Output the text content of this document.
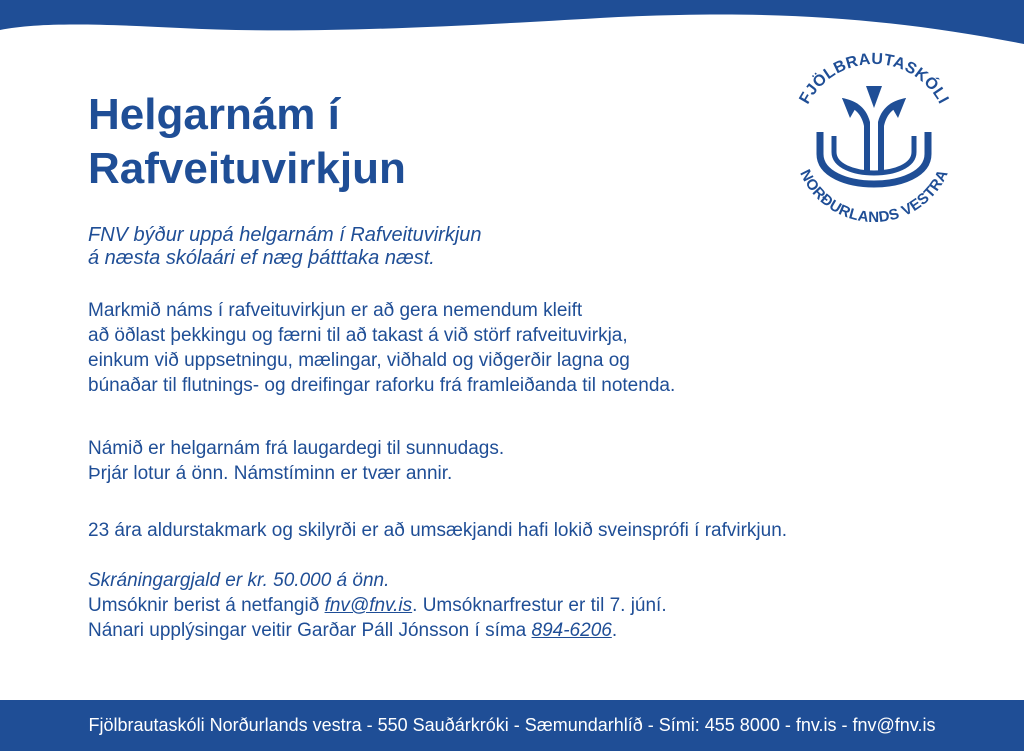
FJÖLBRAUTASKÓLI
NORÐURLANDS VESTRA
Helgarnám í
Rafveituvirkjun

FNV býður uppá helgarnám í Rafveituvirkjun
á næsta skólaári ef næg þátttaka næst.

Markmið náms í rafveituvirkjun er að gera nemendum kleift
að öðlast þekkingu og færni til að takast á við störf rafveituvirkja,
einkum við uppsetningu, mælingar, viðhald og viðgerðir lagna og
búnaðar til flutnings- og dreifingar raforku frá framleiðanda til notenda.

Námið er helgarnám frá laugardegi til sunnudags.
Þrjár lotur á önn. Námstíminn er tvær annir.

23 ára aldurstakmark og skilyrði er að umsækjandi hafi lokið sveinsprófi í rafvirkjun.

Skráningargjald er kr. 50.000 á önn.
Umsóknir berist á netfangið fnv@fnv.is. Umsóknarfrestur er til 7. júní.
Nánari upplýsingar veitir Garðar Páll Jónsson í síma 894-6206.

Fjölbrautaskóli Norðurlands vestra - 550 Sauðárkróki - Sæmundarhlíð - Sími: 455 8000 - fnv.is - fnv@fnv.is
